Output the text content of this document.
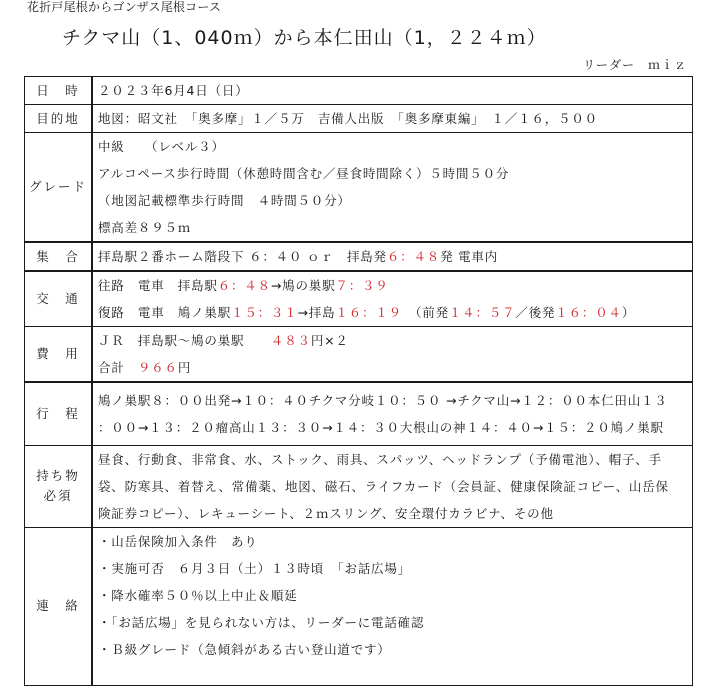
花折戸尾根からゴンザス尾根コース
チクマ山（1、040ｍ）から本仁田山（1，２２４ｍ）
リーダー　ｍｉｚ
日　時	２０２３年6月4日（日）

目的地	地図：昭文社　「奥多摩」１／５万　吉備人出版　「奥多摩東編」　１／１６，５００

グレード	中級　　（レベル３）
アルコペース歩行時間（休憩時間含む／昼食時間除く）５時間５０分
（地図記載標準歩行時間　４時間５０分）
標高差８９５ｍ

集　合	拝島駅２番ホーム階段下 ６：４０ ｏｒ　拝島発６：４８発 電車内

交　通	往路　電車　拝島駅６：４８→鳩の巣駅７：３９
復路　電車　鳩ノ巣駅１５：３１→拝島１６：１９　（前発１４：５７／後発１６：０４）

費　用	ＪＲ　拝島駅〜鳩の巣駅　　４８３円×２
合計　９６６円

行　程	鳩ノ巣駅８：００出発→１０：４０チクマ分岐１０：５０ →チクマ山→１２：００本仁田山１３
：００→１３：２０瘤高山１３：３０→１４：３０大根山の神１４：４０→１５：２０鳩ノ巣駅

持ち物
必須	昼食、行動食、非常食、水、ストック、雨具、スパッツ、ヘッドランプ（予備電池）、帽子、手
袋、防寒具、着替え、常備薬、地図、磁石、ライフカード（会員証、健康保険証コピー、山岳保
険証券コピー）、レキューシート、２ｍスリング、安全環付カラビナ、その他

連　絡	・山岳保険加入条件　あり
・実施可否　６月３日（土）１３時頃　「お話広場」
・降水確率５０％以上中止＆順延
・「お話広場」を見られない方は、リーダーに電話確認
・Ｂ級グレード（急傾斜がある古い登山道です）
